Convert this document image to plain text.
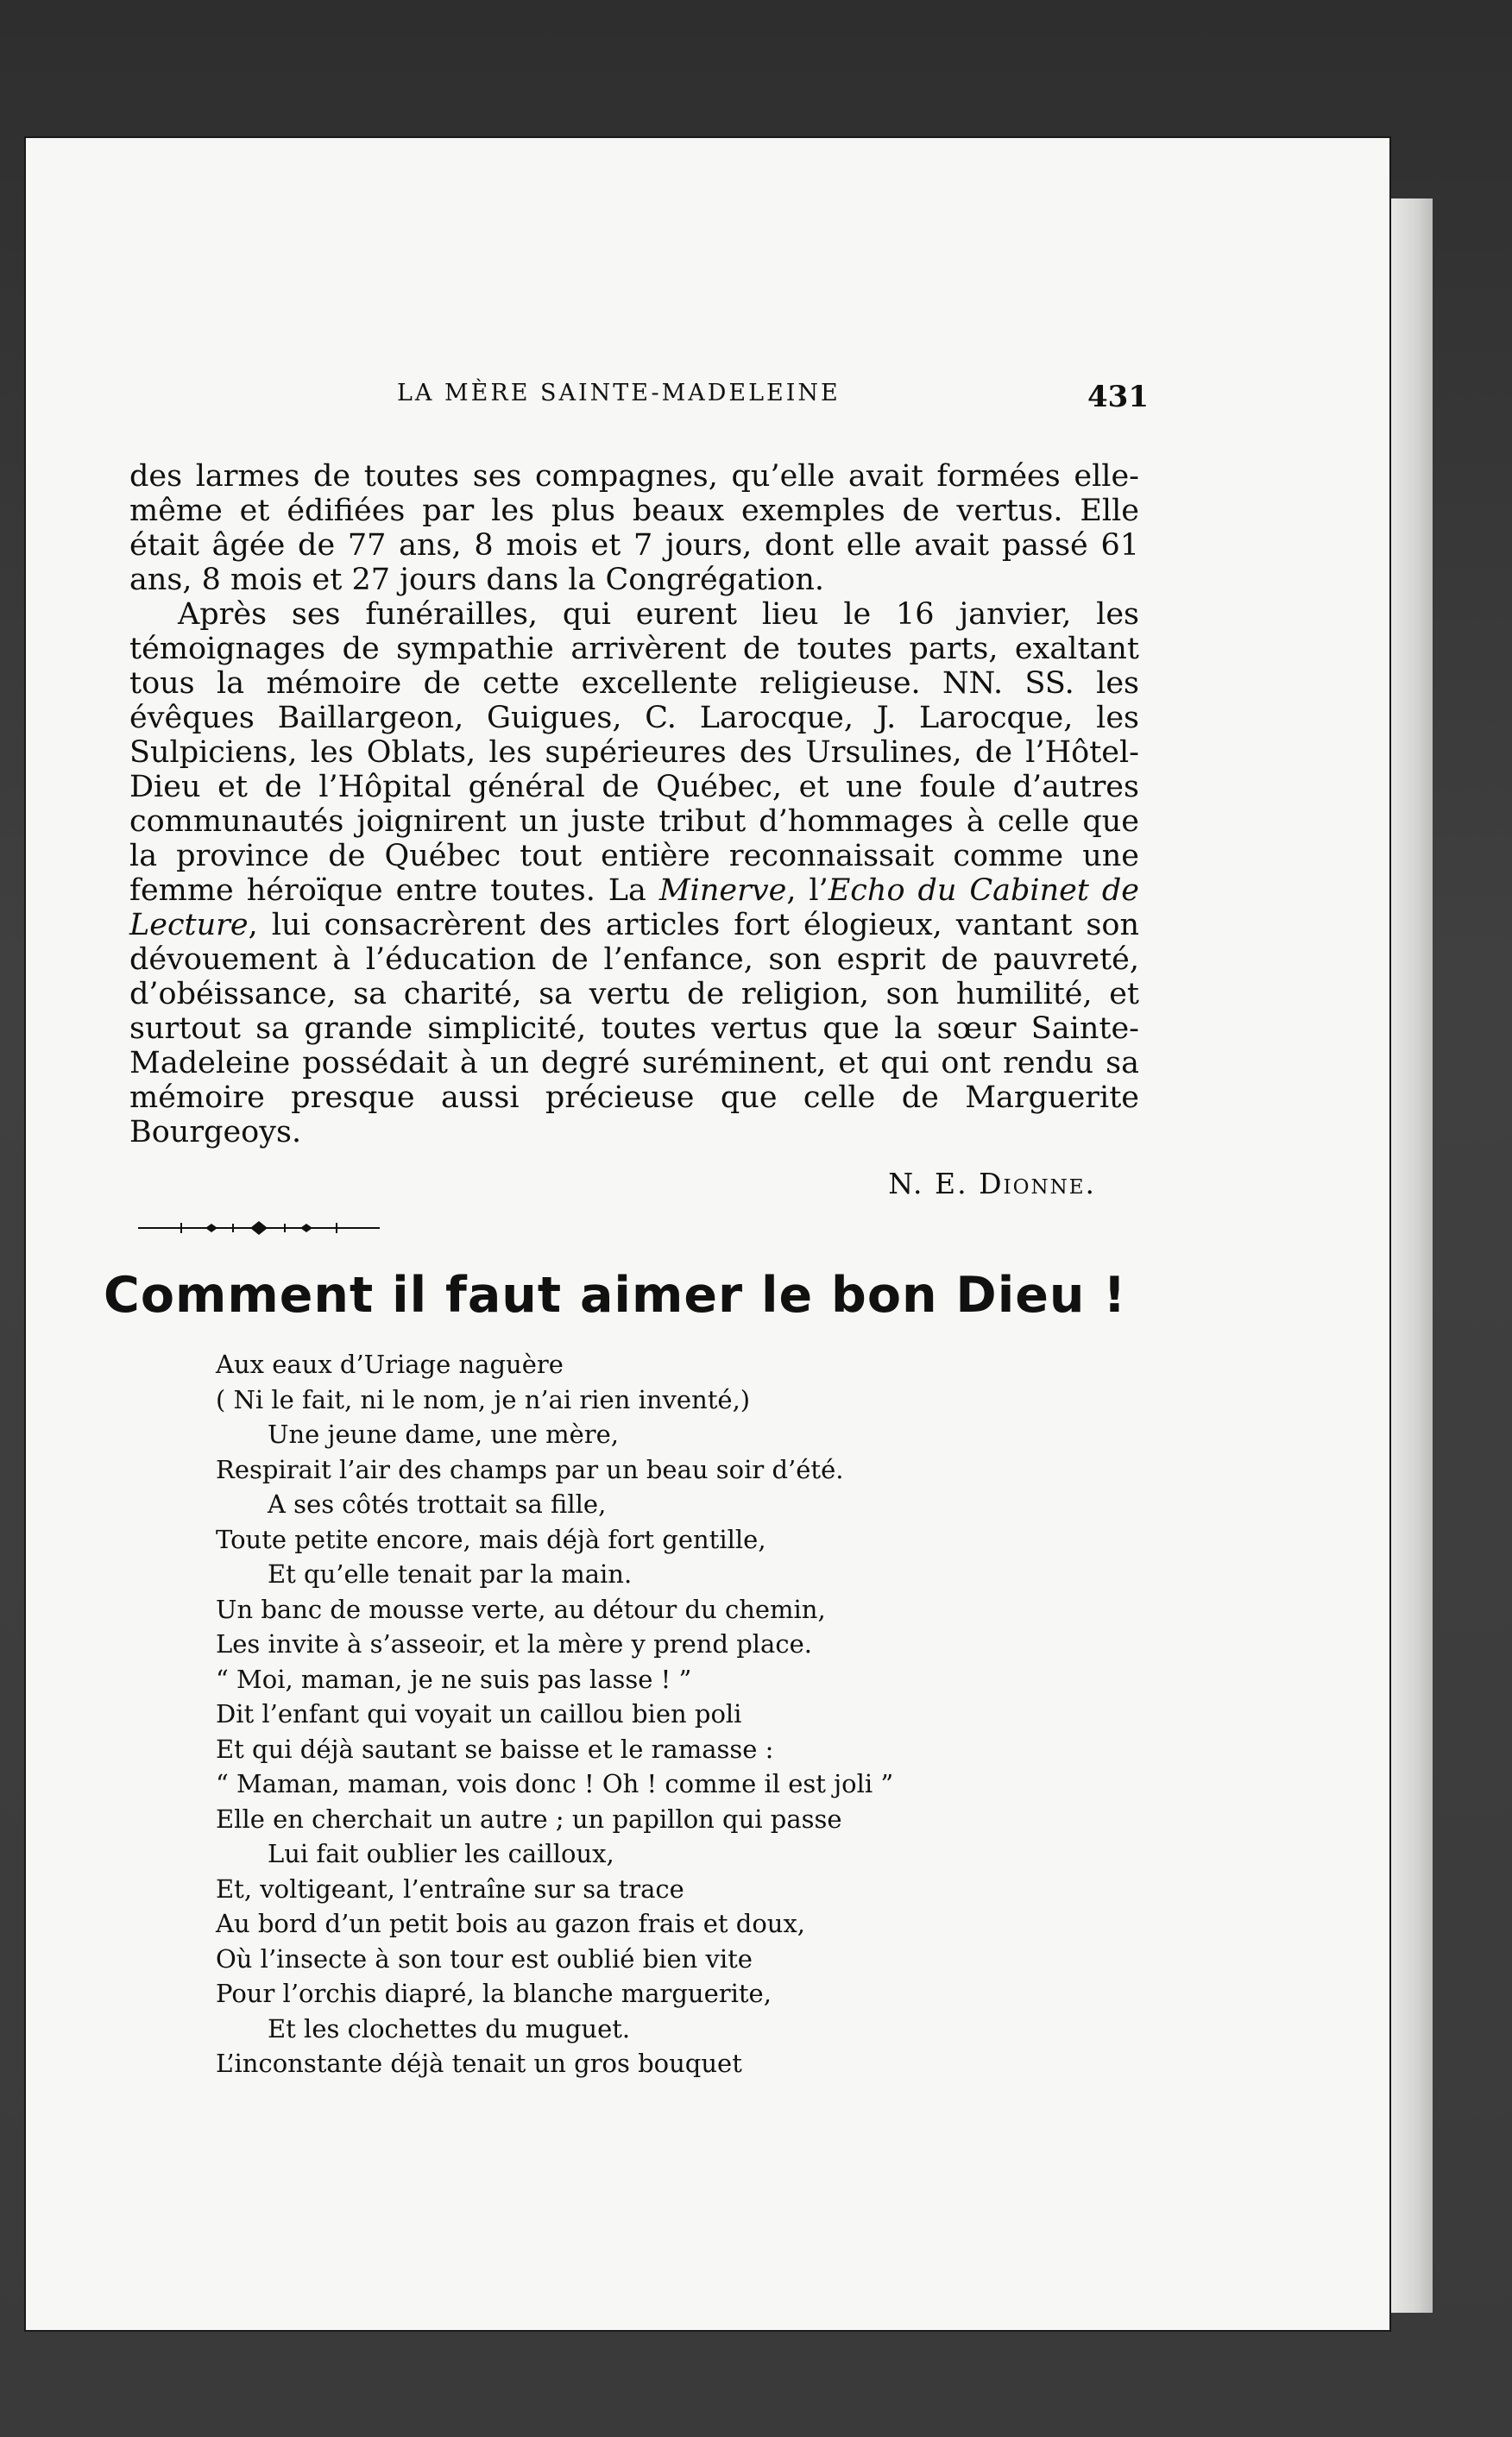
LA MÈRE SAINTE-MADELEINE	431

des larmes de toutes ses compagnes, qu’elle avait formées elle-même et édifiées par les plus beaux exemples de vertus. Elle était âgée de 77 ans, 8 mois et 7 jours, dont elle avait passé 61 ans, 8 mois et 27 jours dans la Congrégation.

Après ses funérailles, qui eurent lieu le 16 janvier, les témoignages de sympathie arrivèrent de toutes parts, exaltant tous la mémoire de cette excellente religieuse. NN. SS. les évêques Baillargeon, Guigues, C. Larocque, J. Larocque, les Sulpiciens, les Oblats, les supérieures des Ursulines, de l’Hôtel-Dieu et de l’Hôpital général de Québec, et une foule d’autres communautés joignirent un juste tribut d’hommages à celle que la province de Québec tout entière reconnaissait comme une femme héroïque entre toutes. La Minerve, l’Echo du Cabinet de Lecture, lui consacrèrent des articles fort élogieux, vantant son dévouement à l’éducation de l’enfance, son esprit de pauvreté, d’obéissance, sa charité, sa vertu de religion, son humilité, et surtout sa grande simplicité, toutes vertus que la sœur Sainte-Madeleine possédait à un degré suréminent, et qui ont rendu sa mémoire presque aussi précieuse que celle de Marguerite Bourgeoys.

N. E. Dionne.
Comment il faut aimer le bon Dieu !
Aux eaux d’Uriage naguère
( Ni le fait, ni le nom, je n’ai rien inventé,)
Une jeune dame, une mère,
Respirait l’air des champs par un beau soir d’été.
A ses côtés trottait sa fille,
Toute petite encore, mais déjà fort gentille,
Et qu’elle tenait par la main.
Un banc de mousse verte, au détour du chemin,
Les invite à s’asseoir, et la mère y prend place.
“ Moi, maman, je ne suis pas lasse ! ”
Dit l’enfant qui voyait un caillou bien poli
Et qui déjà sautant se baisse et le ramasse :
“ Maman, maman, vois donc ! Oh ! comme il est joli ”
Elle en cherchait un autre ; un papillon qui passe
Lui fait oublier les cailloux,
Et, voltigeant, l’entraîne sur sa trace
Au bord d’un petit bois au gazon frais et doux,
Où l’insecte à son tour est oublié bien vite
Pour l’orchis diapré, la blanche marguerite,
Et les clochettes du muguet.
L’inconstante déjà tenait un gros bouquet
